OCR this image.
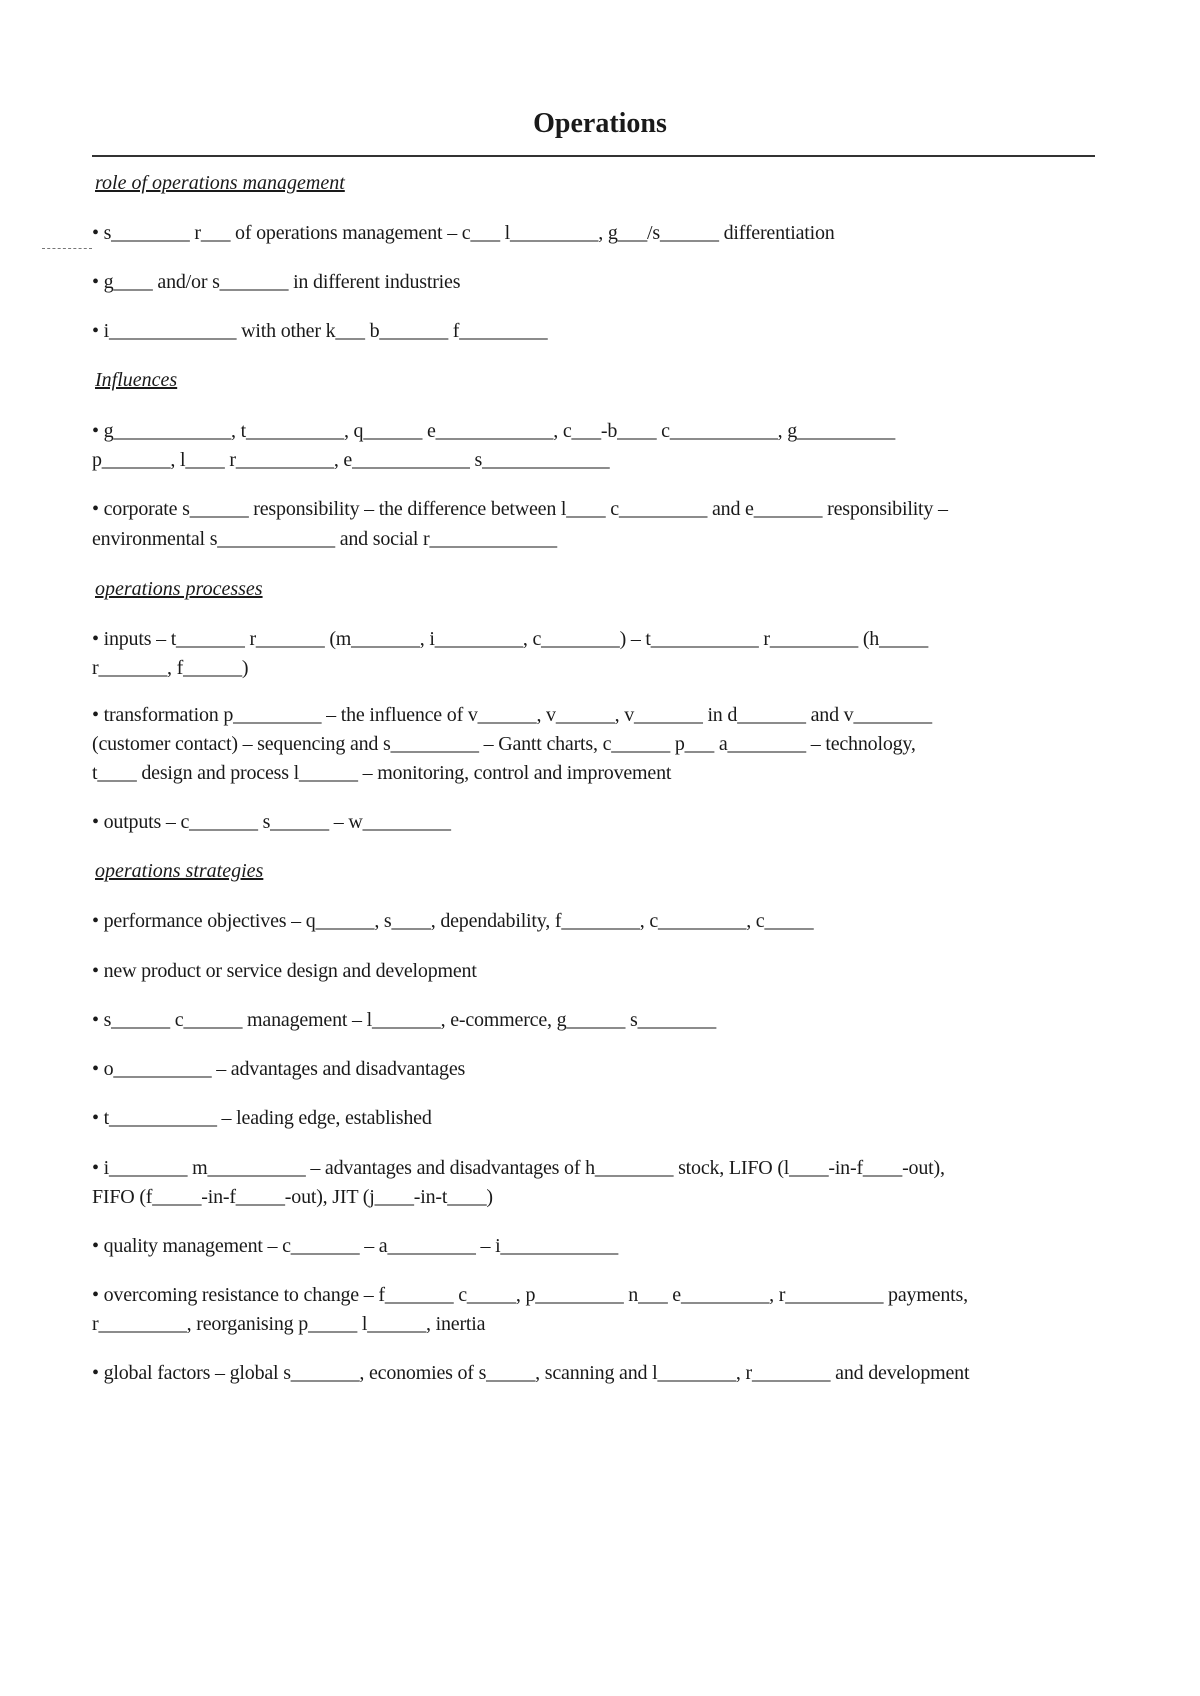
Operations
role of operations management
• s________ r___ of operations management – c___ l_________, g___/s______ differentiation
• g____ and/or s_______ in different industries
• i_____________ with other k___ b_______ f_________
Influences
• g____________, t__________, q______ e____________, c___-b____ c___________, g__________
p_______, l____ r__________, e____________ s_____________
• corporate s______ responsibility – the difference between l____ c_________ and e_______ responsibility –
environmental s____________ and social r_____________
operations processes
• inputs – t_______ r_______ (m_______, i_________, c________) – t___________ r_________ (h_____
r_______, f______)
• transformation p_________ – the influence of v______, v______, v_______ in d_______ and v________
(customer contact) – sequencing and s_________ – Gantt charts, c______ p___ a________ – technology,
t____ design and process l______ – monitoring, control and improvement
• outputs – c_______ s______ – w_________
operations strategies
• performance objectives – q______, s____, dependability, f________, c_________, c_____
• new product or service design and development
• s______ c______ management – l_______, e-commerce, g______ s________
• o__________ – advantages and disadvantages
• t___________ – leading edge, established
• i________ m__________ – advantages and disadvantages of h________ stock, LIFO (l____-in-f____-out),
FIFO (f_____-in-f_____-out), JIT (j____-in-t____)
• quality management – c_______ – a_________ – i____________
• overcoming resistance to change – f_______ c_____, p_________ n___ e_________, r__________ payments,
r_________, reorganising p_____ l______, inertia
• global factors – global s_______, economies of s_____, scanning and l________, r________ and development
